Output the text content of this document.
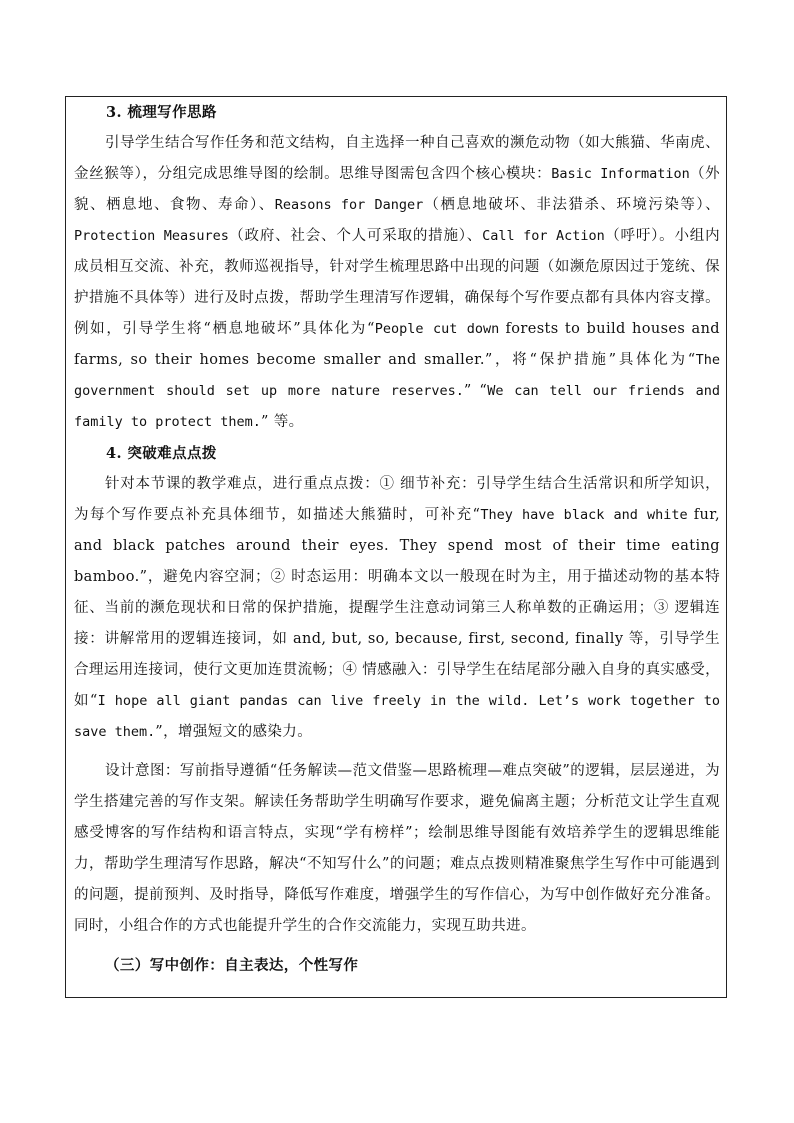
3. 梳理写作思路

引导学生结合写作任务和范文结构，自主选择一种自己喜欢的濒危动物（如大熊猫、华南虎、金丝猴等），分组完成思维导图的绘制。思维导图需包含四个核心模块：Basic Information（外貌、栖息地、食物、寿命）、Reasons for Danger（栖息地破坏、非法猎杀、环境污染等）、Protection Measures（政府、社会、个人可采取的措施）、Call for Action（呼吁）。小组内成员相互交流、补充，教师巡视指导，针对学生梳理思路中出现的问题（如濒危原因过于笼统、保护措施不具体等）进行及时点拨，帮助学生理清写作逻辑，确保每个写作要点都有具体内容支撑。例如，引导学生将“栖息地破坏”具体化为“People cut down forests to build houses and farms, so their homes become smaller and smaller.”，将“保护措施”具体化为“The government should set up more nature reserves.” “We can tell our friends and family to protect them.” 等。

4. 突破难点点拨

针对本节课的教学难点，进行重点点拨：① 细节补充：引导学生结合生活常识和所学知识，为每个写作要点补充具体细节，如描述大熊猫时，可补充“They have black and white fur, and black patches around their eyes. They spend most of their time eating bamboo.”，避免内容空洞；② 时态运用：明确本文以一般现在时为主，用于描述动物的基本特征、当前的濒危现状和日常的保护措施，提醒学生注意动词第三人称单数的正确运用；③ 逻辑连接：讲解常用的逻辑连接词，如 and, but, so, because, first, second, finally 等，引导学生合理运用连接词，使行文更加连贯流畅；④ 情感融入：引导学生在结尾部分融入自身的真实感受，如“I hope all giant pandas can live freely in the wild. Let’s work together to save them.”，增强短文的感染力。

设计意图：写前指导遵循“任务解读—范文借鉴—思路梳理—难点突破”的逻辑，层层递进，为学生搭建完善的写作支架。解读任务帮助学生明确写作要求，避免偏离主题；分析范文让学生直观感受博客的写作结构和语言特点，实现“学有榜样”；绘制思维导图能有效培养学生的逻辑思维能力，帮助学生理清写作思路，解决“不知写什么”的问题；难点点拨则精准聚焦学生写作中可能遇到的问题，提前预判、及时指导，降低写作难度，增强学生的写作信心，为写中创作做好充分准备。同时，小组合作的方式也能提升学生的合作交流能力，实现互助共进。

（三）写中创作：自主表达，个性写作
